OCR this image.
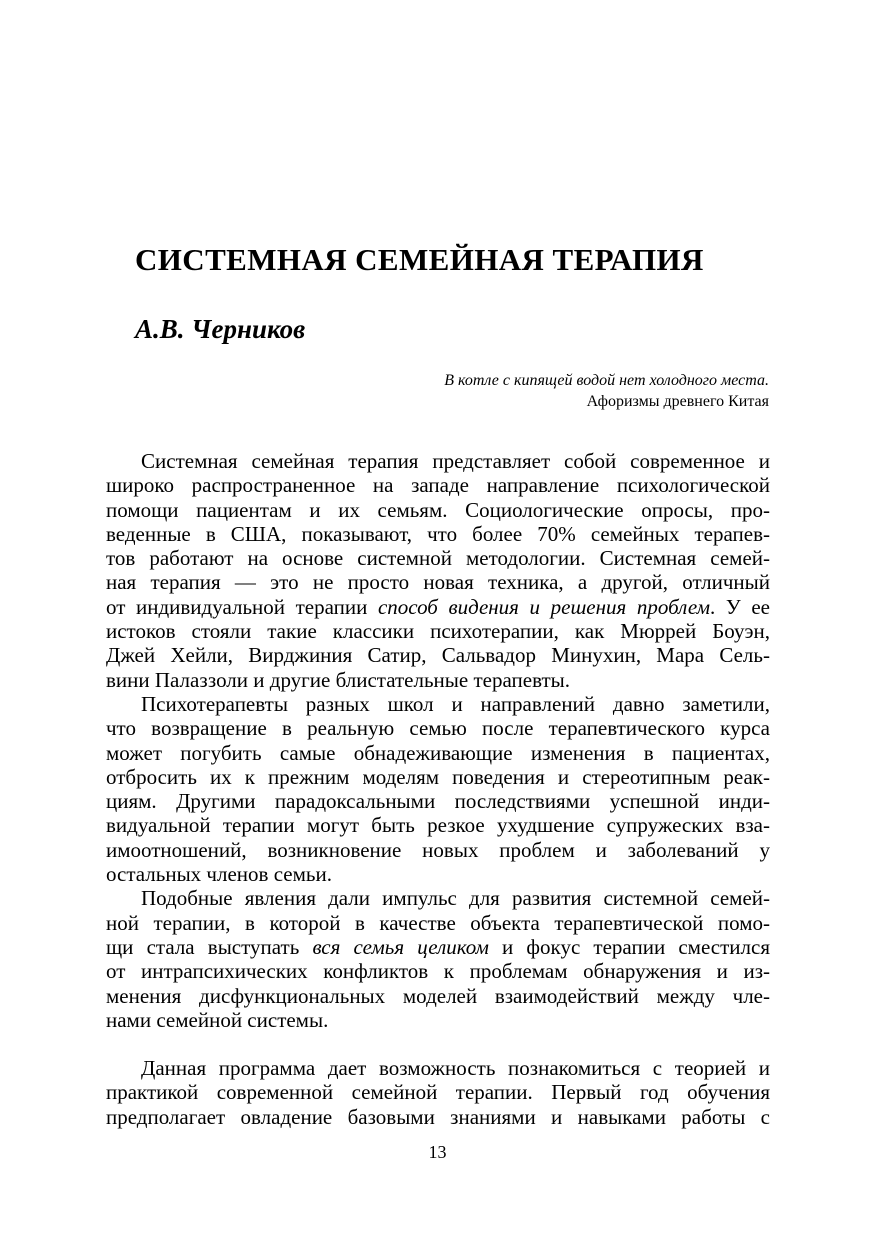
СИСТЕМНАЯ СЕМЕЙНАЯ ТЕРАПИЯ
А.В. Черников
В котле с кипящей водой нет холодного места.
Афоризмы древнего Китая
Системная семейная терапия представляет собой современное и
широко распространенное на западе направление психологической
помощи пациентам и их семьям. Социологические опросы, про-
веденные в США, показывают, что более 70% семейных терапев-
тов работают на основе системной методологии. Системная семей-
ная терапия — это не просто новая техника, а другой, отличный
от индивидуальной терапии способ видения и решения проблем. У ее
истоков стояли такие классики психотерапии, как Мюррей Боуэн,
Джей Хейли, Вирджиния Сатир, Сальвадор Минухин, Мара Сель-
вини Палаззоли и другие блистательные терапевты.
Психотерапевты разных школ и направлений давно заметили,
что возвращение в реальную семью после терапевтического курса
может погубить самые обнадеживающие изменения в пациентах,
отбросить их к прежним моделям поведения и стереотипным реак-
циям. Другими парадоксальными последствиями успешной инди-
видуальной терапии могут быть резкое ухудшение супружеских вза-
имоотношений, возникновение новых проблем и заболеваний у
остальных членов семьи.
Подобные явления дали импульс для развития системной семей-
ной терапии, в которой в качестве объекта терапевтической помо-
щи стала выступать вся семья целиком и фокус терапии сместился
от интрапсихических конфликтов к проблемам обнаружения и из-
менения дисфункциональных моделей взаимодействий между чле-
нами семейной системы.
Данная программа дает возможность познакомиться с теорией и
практикой современной семейной терапии. Первый год обучения
предполагает овладение базовыми знаниями и навыками работы с
13
